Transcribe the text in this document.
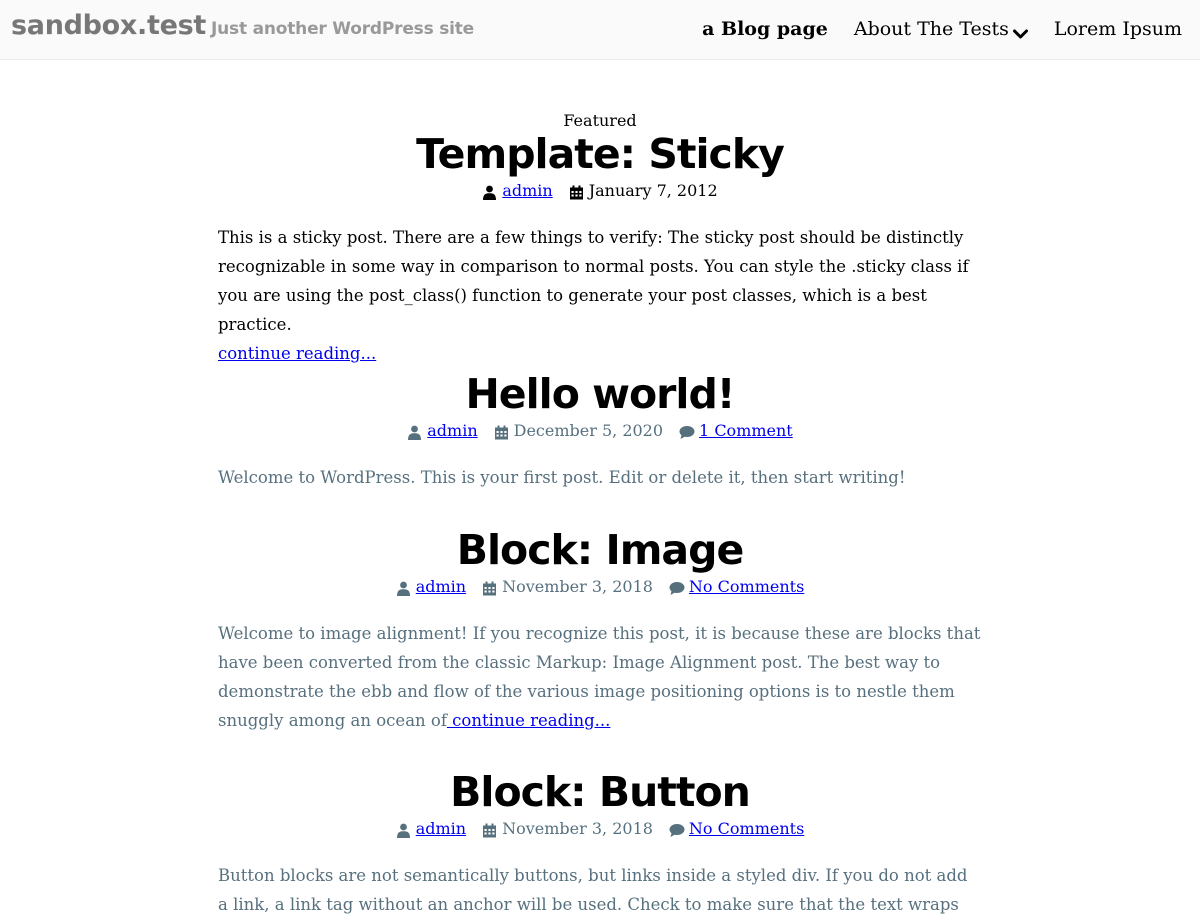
sandbox.test Just another WordPress site	a Blog page About The Tests Lorem Ipsum
Featured
Template: Sticky
admin January 7, 2012

This is a sticky post. There are a few things to verify: The sticky post should be distinctly recognizable in some way in comparison to normal posts. You can style the .sticky class if you are using the post_class() function to generate your post classes, which is a best practice.
continue reading...

Hello world!
admin December 5, 2020 1 Comment

Welcome to WordPress. This is your first post. Edit or delete it, then start writing!

Block: Image
admin November 3, 2018 No Comments

Welcome to image alignment! If you recognize this post, it is because these are blocks that have been converted from the classic Markup: Image Alignment post. The best way to demonstrate the ebb and flow of the various image positioning options is to nestle them snuggly among an ocean of continue reading...

Block: Button
admin November 3, 2018 No Comments

Button blocks are not semantically buttons, but links inside a styled div. If you do not add a link, a link tag without an anchor will be used. Check to make sure that the text wraps
